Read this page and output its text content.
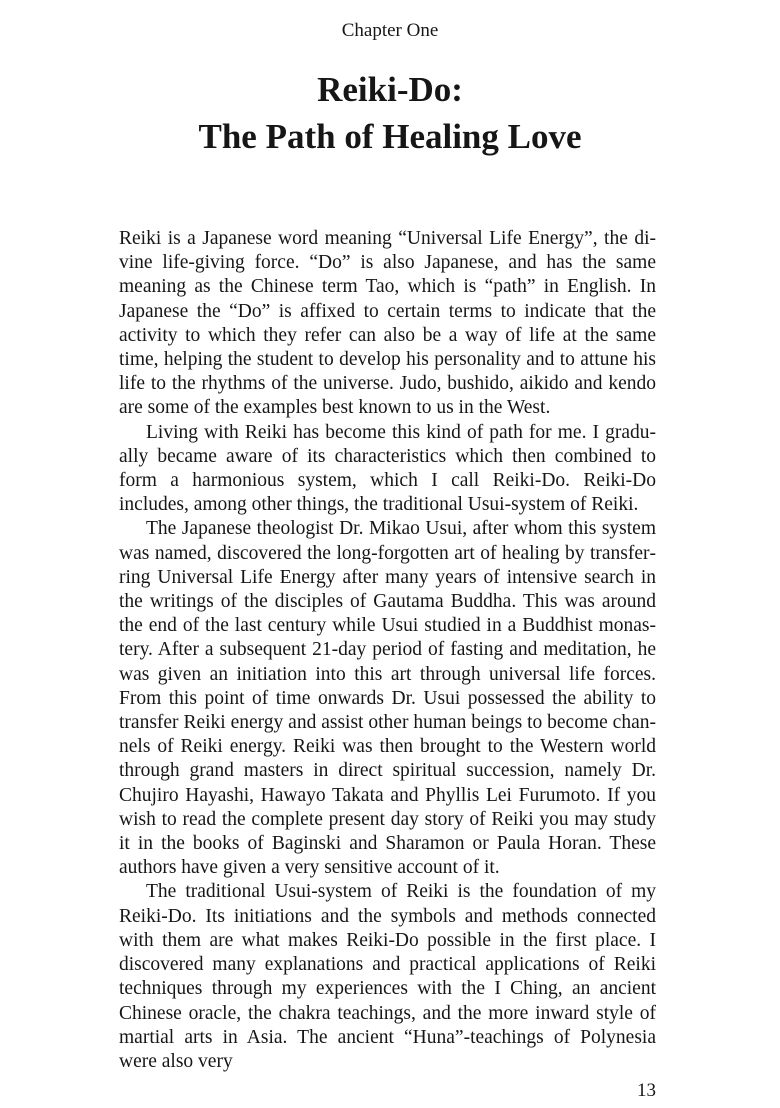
Chapter One
Reiki-Do:
The Path of Healing Love

Reiki is a Japanese word meaning “Universal Life Energy”, the divine life-giving force. “Do” is also Japanese, and has the same meaning as the Chinese term Tao, which is “path” in English. In Japanese the “Do” is affixed to certain terms to indicate that the activity to which they refer can also be a way of life at the same time, helping the student to develop his personality and to attune his life to the rhythms of the universe. Judo, bushido, aikido and kendo are some of the examples best known to us in the West.

Living with Reiki has become this kind of path for me. I gradually became aware of its characteristics which then combined to form a harmonious system, which I call Reiki-Do. Reiki-Do includes, among other things, the traditional Usui-system of Reiki.

The Japanese theologist Dr. Mikao Usui, after whom this system was named, discovered the long-forgotten art of healing by transferring Universal Life Energy after many years of intensive search in the writings of the disciples of Gautama Buddha. This was around the end of the last century while Usui studied in a Buddhist monastery. After a subsequent 21-day period of fasting and meditation, he was given an initiation into this art through universal life forces. From this point of time onwards Dr. Usui possessed the ability to transfer Reiki energy and assist other human beings to become channels of Reiki energy. Reiki was then brought to the Western world through grand masters in direct spiritual succession, namely Dr. Chujiro Hayashi, Hawayo Takata and Phyllis Lei Furumoto. If you wish to read the complete present day story of Reiki you may study it in the books of Baginski and Sharamon or Paula Horan. These authors have given a very sensitive account of it.

The traditional Usui-system of Reiki is the foundation of my Reiki-Do. Its initiations and the symbols and methods connected with them are what makes Reiki-Do possible in the first place. I discovered many explanations and practical applications of Reiki techniques through my experiences with the I Ching, an ancient Chinese oracle, the chakra teachings, and the more inward style of martial arts in Asia. The ancient “Huna”-teachings of Polynesia were also very

13
